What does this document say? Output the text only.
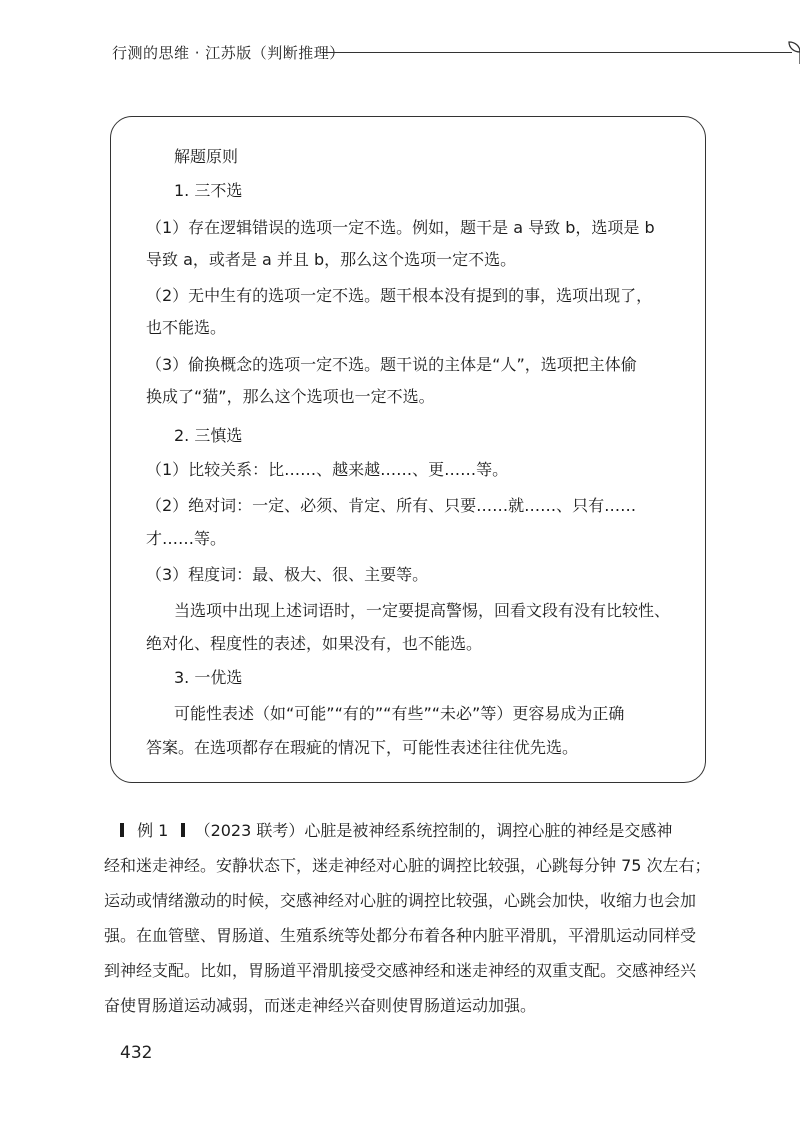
行测的思维 · 江苏版（判断推理）
解题原则
1. 三不选
（1）存在逻辑错误的选项一定不选。例如，题干是 a 导致 b，选项是 b
导致 a，或者是 a 并且 b，那么这个选项一定不选。
（2）无中生有的选项一定不选。题干根本没有提到的事，选项出现了，
也不能选。
（3）偷换概念的选项一定不选。题干说的主体是“人”，选项把主体偷
换成了“猫”，那么这个选项也一定不选。
2. 三慎选
（1）比较关系：比……、越来越……、更……等。
（2）绝对词：一定、必须、肯定、所有、只要……就……、只有……
才……等。
（3）程度词：最、极大、很、主要等。
当选项中出现上述词语时，一定要提高警惕，回看文段有没有比较性、
绝对化、程度性的表述，如果没有，也不能选。
3. 一优选
可能性表述（如“可能”“有的”“有些”“未必”等）更容易成为正确
答案。在选项都存在瑕疵的情况下，可能性表述往往优先选。
例 1 （2023 联考）心脏是被神经系统控制的，调控心脏的神经是交感神
经和迷走神经。安静状态下，迷走神经对心脏的调控比较强，心跳每分钟 75 次左右；
运动或情绪激动的时候，交感神经对心脏的调控比较强，心跳会加快，收缩力也会加
强。在血管壁、胃肠道、生殖系统等处都分布着各种内脏平滑肌，平滑肌运动同样受
到神经支配。比如，胃肠道平滑肌接受交感神经和迷走神经的双重支配。交感神经兴
奋使胃肠道运动减弱，而迷走神经兴奋则使胃肠道运动加强。
432
